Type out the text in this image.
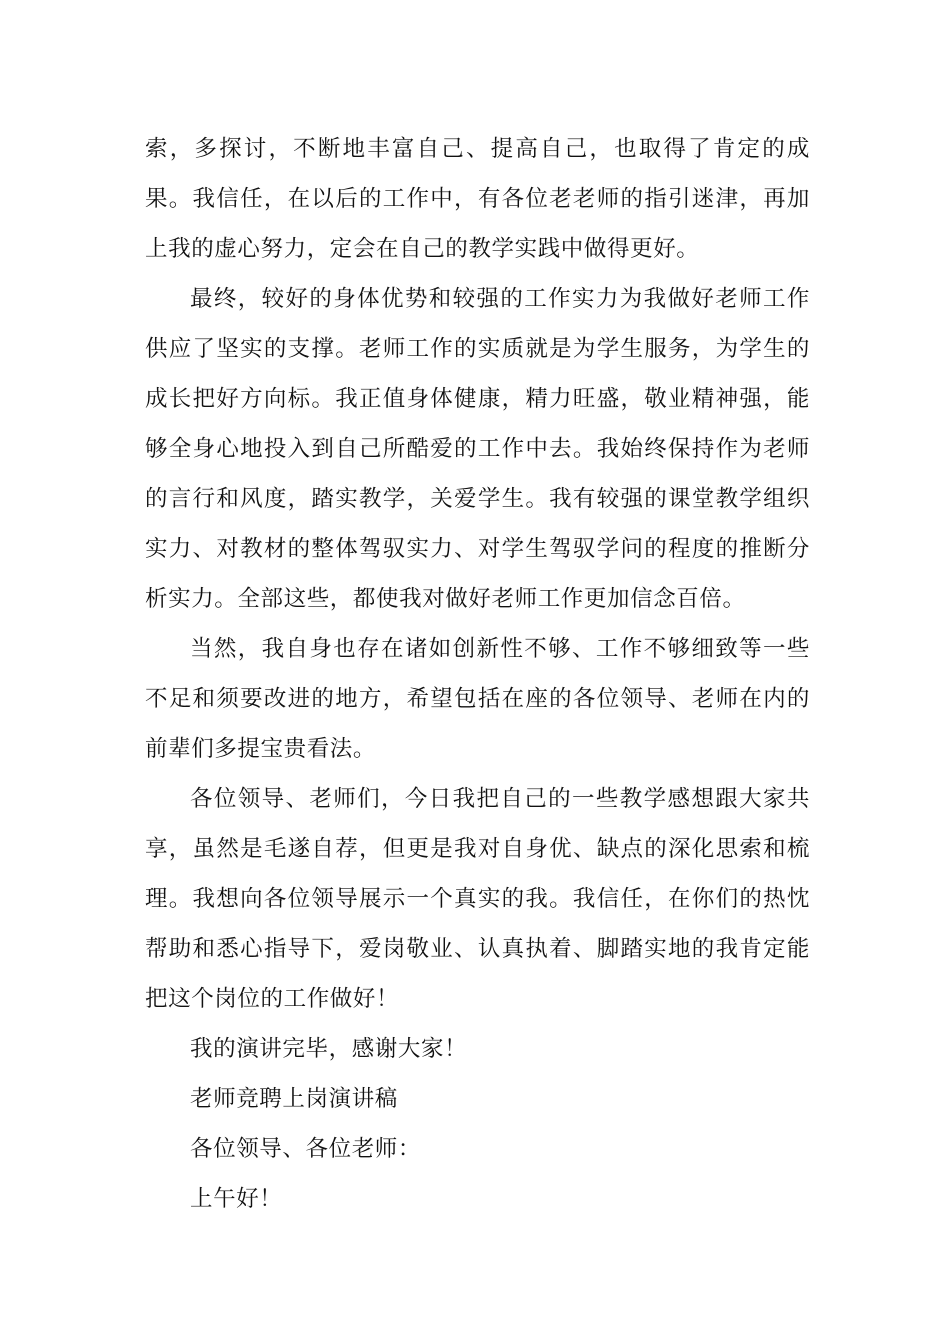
索，多探讨，不断地丰富自己、提高自己，也取得了肯定的成果。我信任，在以后的工作中，有各位老老师的指引迷津，再加上我的虚心努力，定会在自己的教学实践中做得更好。

最终，较好的身体优势和较强的工作实力为我做好老师工作供应了坚实的支撑。老师工作的实质就是为学生服务，为学生的成长把好方向标。我正值身体健康，精力旺盛，敬业精神强，能够全身心地投入到自己所酷爱的工作中去。我始终保持作为老师的言行和风度，踏实教学，关爱学生。我有较强的课堂教学组织实力、对教材的整体驾驭实力、对学生驾驭学问的程度的推断分析实力。全部这些，都使我对做好老师工作更加信念百倍。

当然，我自身也存在诸如创新性不够、工作不够细致等一些不足和须要改进的地方，希望包括在座的各位领导、老师在内的前辈们多提宝贵看法。

各位领导、老师们，今日我把自己的一些教学感想跟大家共享，虽然是毛遂自荐，但更是我对自身优、缺点的深化思索和梳理。我想向各位领导展示一个真实的我。我信任，在你们的热忱帮助和悉心指导下，爱岗敬业、认真执着、脚踏实地的我肯定能把这个岗位的工作做好！

我的演讲完毕，感谢大家！

老师竞聘上岗演讲稿

各位领导、各位老师：

上午好！
